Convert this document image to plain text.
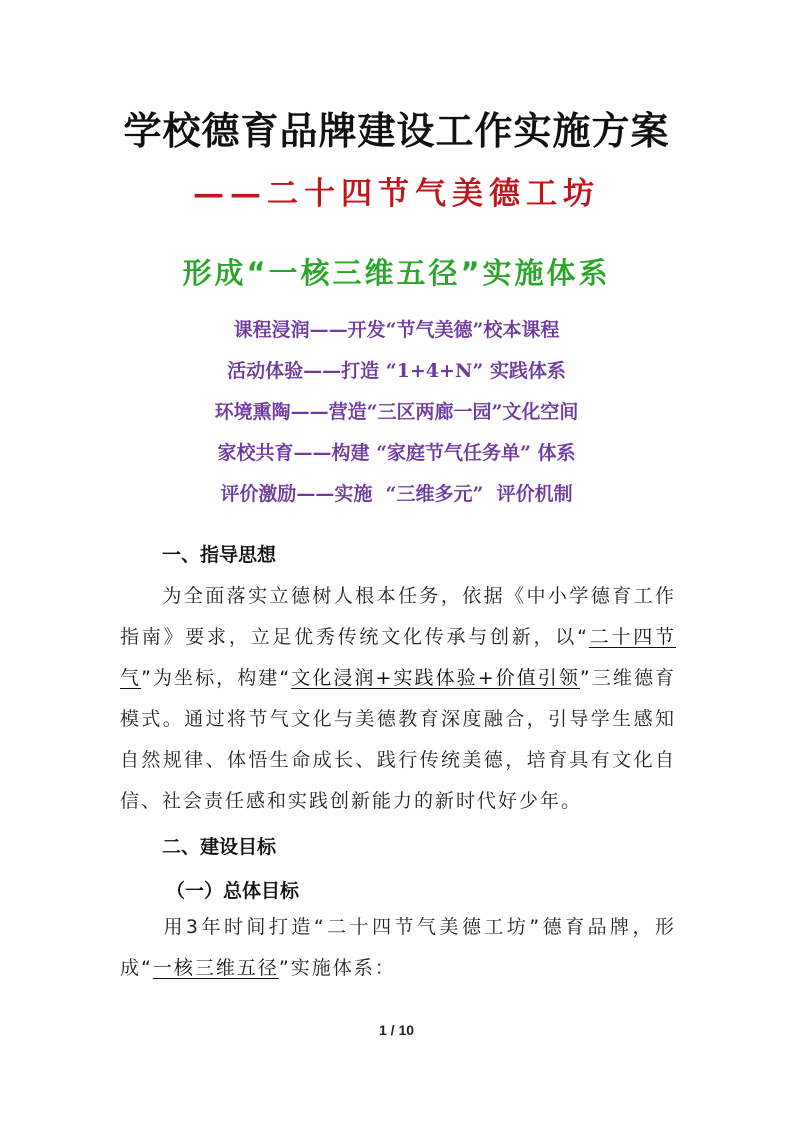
学校德育品牌建设工作实施方案
——二十四节气美德工坊
形成“一核三维五径”实施体系
课程浸润——开发“节气美德”校本课程
活动体验——打造 “1+4+N” 实践体系
环境熏陶——营造“三区两廊一园”文化空间
家校共育——构建 “家庭节气任务单” 体系
评价激励——实施  “三维多元”  评价机制
一、指导思想
为全面落实立德树人根本任务，依据《中小学德育工作指南》要求，立足优秀传统文化传承与创新，以“二十四节气”为坐标，构建“文化浸润+实践体验+价值引领”三维德育模式。通过将节气文化与美德教育深度融合，引导学生感知自然规律、体悟生命成长、践行传统美德，培育具有文化自信、社会责任感和实践创新能力的新时代好少年。
二、建设目标
（一）总体目标
用3年时间打造“二十四节气美德工坊”德育品牌，形成“一核三维五径”实施体系：
1 / 10
